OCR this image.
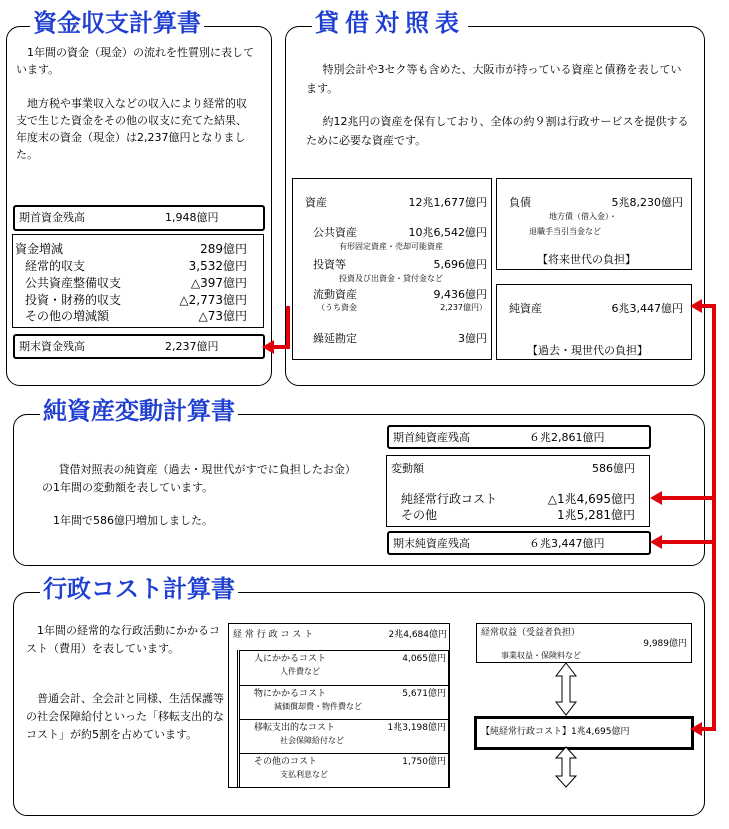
資金収支計算書
1年間の資金（現金）の流れを性質別に表しています。
地方税や事業収入などの収入により経常的収支で生じた資金をその他の収支に充てた結果、年度末の資金（現金）は2,237億円となりました。
期首資金残高	1,948億円
資金増減	289億円
経常的収支	3,532億円
公共資産整備収支	△397億円
投資・財務的収支	△2,773億円
その他の増減額	△73億円
期末資金残高	2,237億円
貸借対照表
特別会計や3セク等も含めた、大阪市が持っている資産と債務を表しています。
約12兆円の資産を保有しており、全体の約９割は行政サービスを提供するために必要な資産です。
資産	12兆1,677億円
公共資産	10兆6,542億円
有形固定資産・売却可能資産
投資等	5,696億円
投資及び出資金・貸付金など
流動資産	9,436億円
（うち資金	2,237億円）
繰延勘定	3億円
負債	5兆8,230億円
地方債（借入金）・
退職手当引当金など
【将来世代の負担】
純資産	6兆3,447億円
【過去・現世代の負担】
純資産変動計算書
貸借対照表の純資産（過去・現世代がすでに負担したお金）の1年間の変動額を表しています。
1年間で586億円増加しました。
期首純資産残高	６兆2,861億円
変動額	586億円
純経常行政コスト	△1兆4,695億円
その他	1兆5,281億円
期末純資産残高	６兆3,447億円
行政コスト計算書
1年間の経常的な行政活動にかかるコスト（費用）を表しています。
普通会計、全会計と同様、生活保護等の社会保障給付といった「移転支出的なコスト」が約5割を占めています。
経 常 行 政 コ ス ト	2兆4,684億円
人にかかるコスト	4,065億円
人件費など
物にかかるコスト	5,671億円
減価償却費・物件費など
移転支出的なコスト	1兆3,198億円
社会保障給付など
その他のコスト	1,750億円
支払利息など
経常収益（受益者負担）
9,989億円
事業収益・保険料など
【純経常行政コスト】1兆4,695億円
